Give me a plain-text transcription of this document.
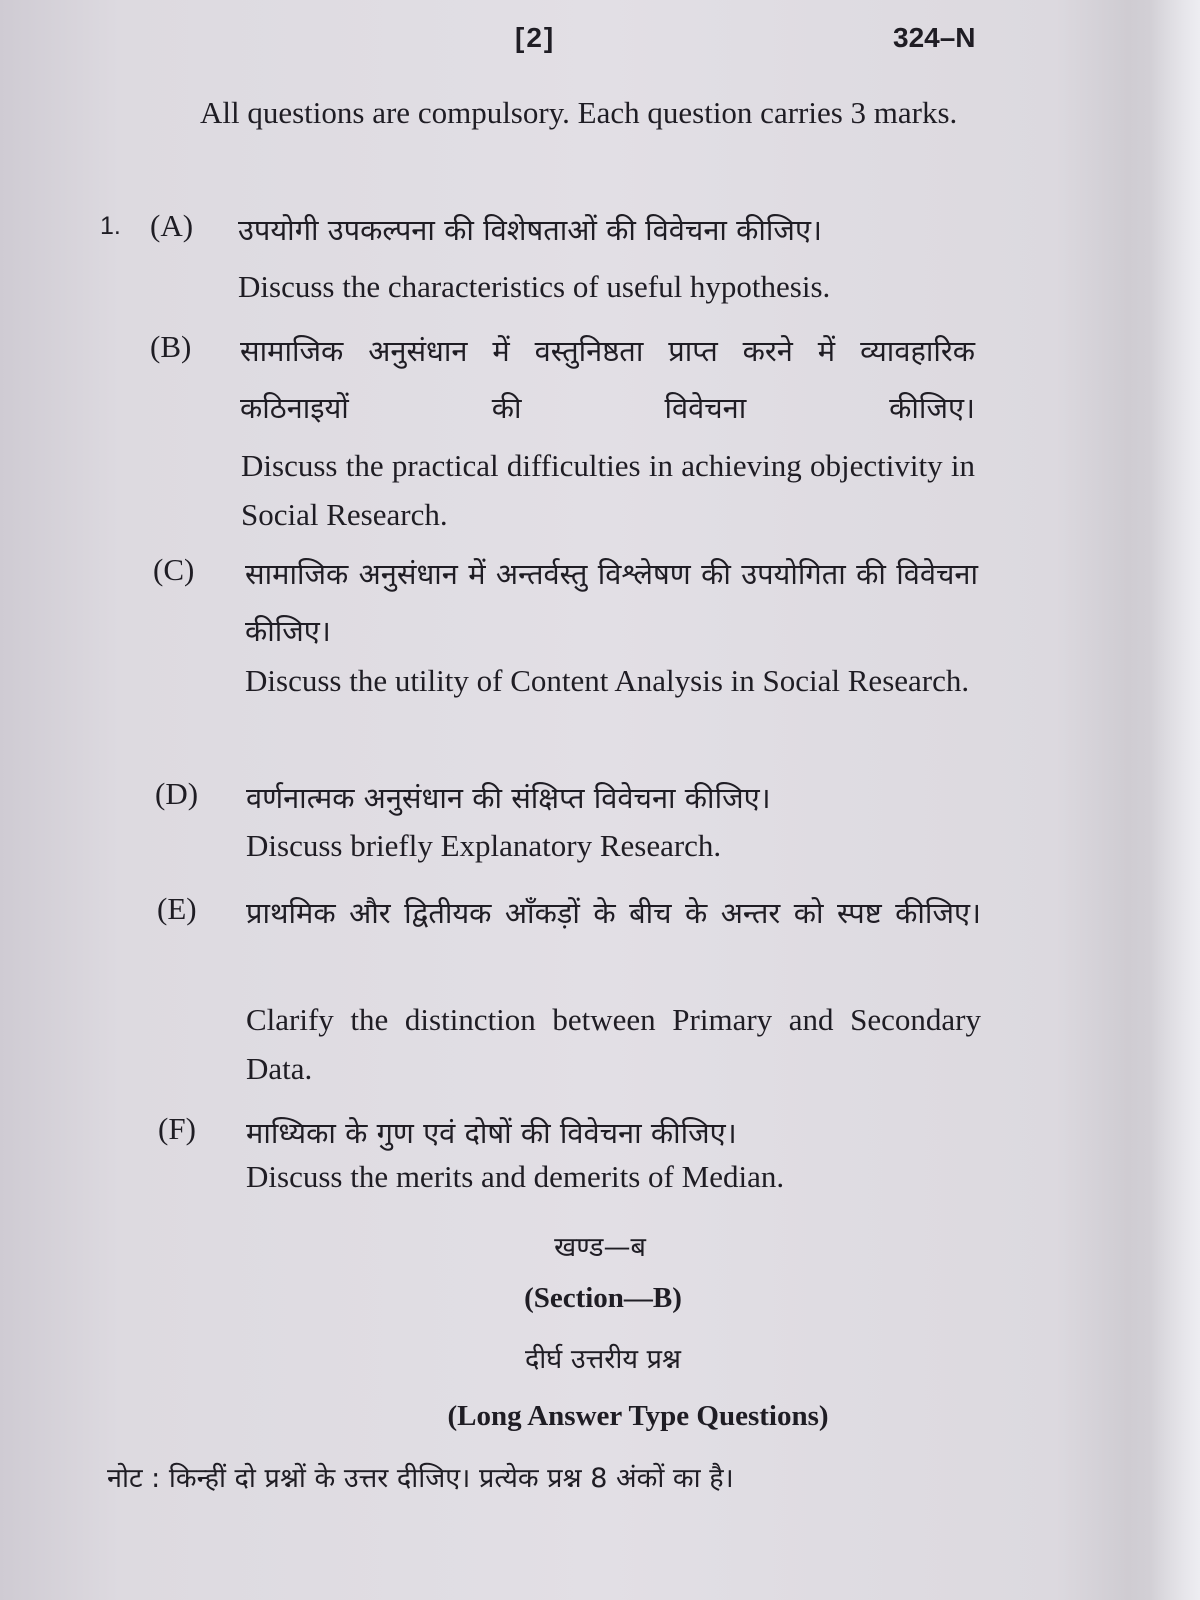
[2]	324–N
All questions are compulsory. Each question carries 3 marks.
1. (A) उपयोगी उपकल्पना की विशेषताओं की विवेचना कीजिए।
Discuss the characteristics of useful hypothesis.
(B) सामाजिक अनुसंधान में वस्तुनिष्ठता प्राप्त करने में व्यावहारिक कठिनाइयों की विवेचना कीजिए।
Discuss the practical difficulties in achieving objectivity in Social Research.
(C) सामाजिक अनुसंधान में अन्तर्वस्तु विश्लेषण की उपयोगिता की विवेचना कीजिए।
Discuss the utility of Content Analysis in Social Research.
(D) वर्णनात्मक अनुसंधान की संक्षिप्त विवेचना कीजिए।
Discuss briefly Explanatory Research.
(E) प्राथमिक और द्वितीयक आँकड़ों के बीच के अन्तर को स्पष्ट कीजिए।
Clarify the distinction between Primary and Secondary Data.
(F) माध्यिका के गुण एवं दोषों की विवेचना कीजिए।
Discuss the merits and demerits of Median.
खण्ड—ब
(Section—B)
दीर्घ उत्तरीय प्रश्न
(Long Answer Type Questions)
नोट : किन्हीं दो प्रश्नों के उत्तर दीजिए। प्रत्येक प्रश्न 8 अंकों का है।
